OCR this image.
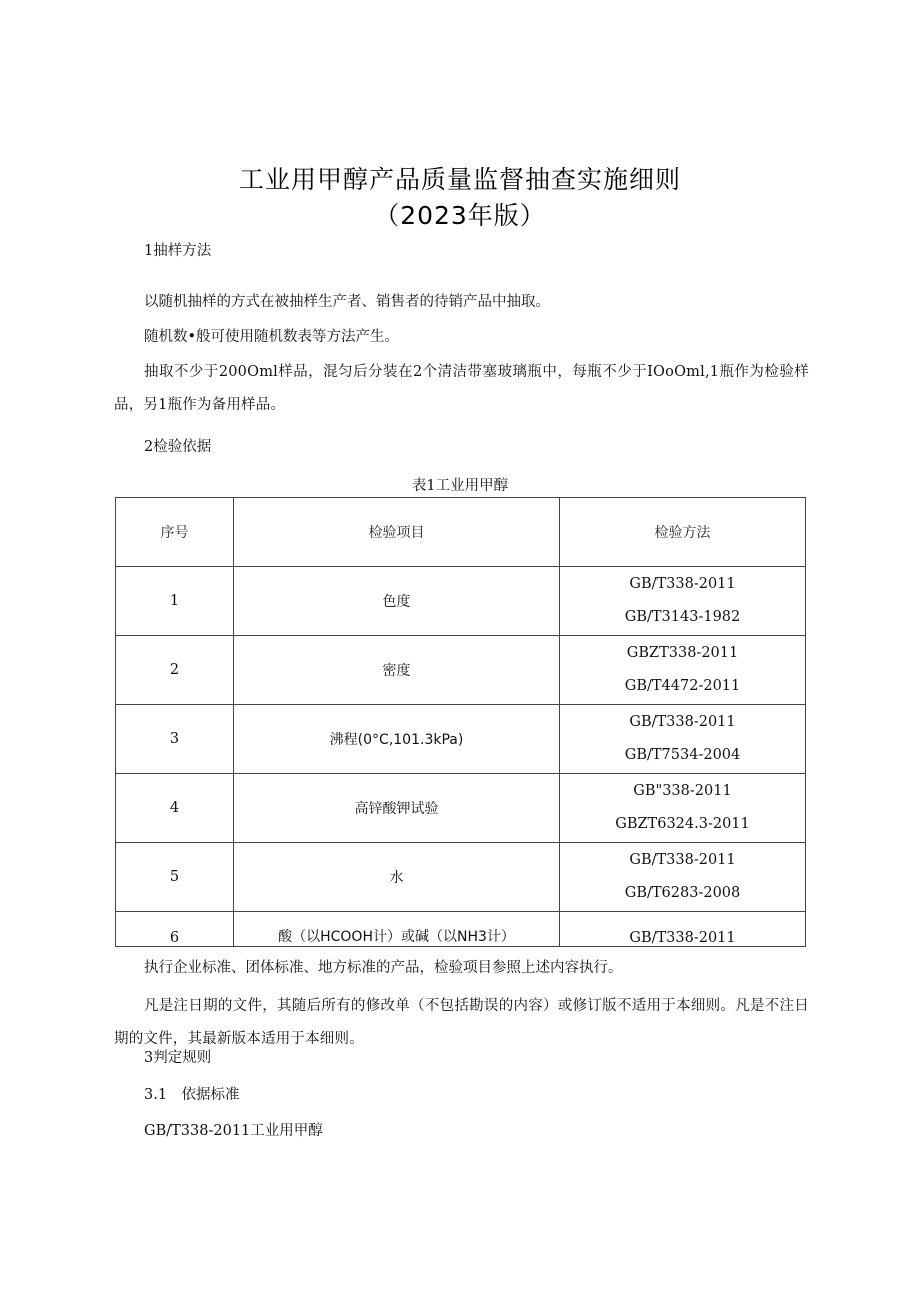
工业用甲醇产品质量监督抽查实施细则
（2023年版）
1抽样方法
以随机抽样的方式在被抽样生产者、销售者的待销产品中抽取。
随机数•般可使用随机数表等方法产生。
抽取不少于200Oml样品，混匀后分装在2个清洁带塞玻璃瓶中，每瓶不少于IOoOml,1瓶作为检验样品，另1瓶作为备用样品。
2检验依据
表1工业用甲醇
序号	检验项目	检验方法
1	色度	GB/T338-2011
GB/T3143-1982

2	密度	GBZT338-2011
GB/T4472-2011

3	沸程(0°C,101.3kPa)	GB/T338-2011
GB/T7534-2004

4	高锌酸钾试验	GB"338-2011
GBZT6324.3-2011

5	水	GB/T338-2011
GB/T6283-2008

6	酸（以HCOOH计）或碱（以NH3计）	GB/T338-2011
执行企业标准、团体标准、地方标准的产品，检验项目参照上述内容执行。
凡是注日期的文件，其随后所有的修改单（不包括勘误的内容）或修订版不适用于本细则。凡是不注日期的文件，其最新版本适用于本细则。
3判定规则
3.1　依据标准
GB/T338-2011工业用甲醇
